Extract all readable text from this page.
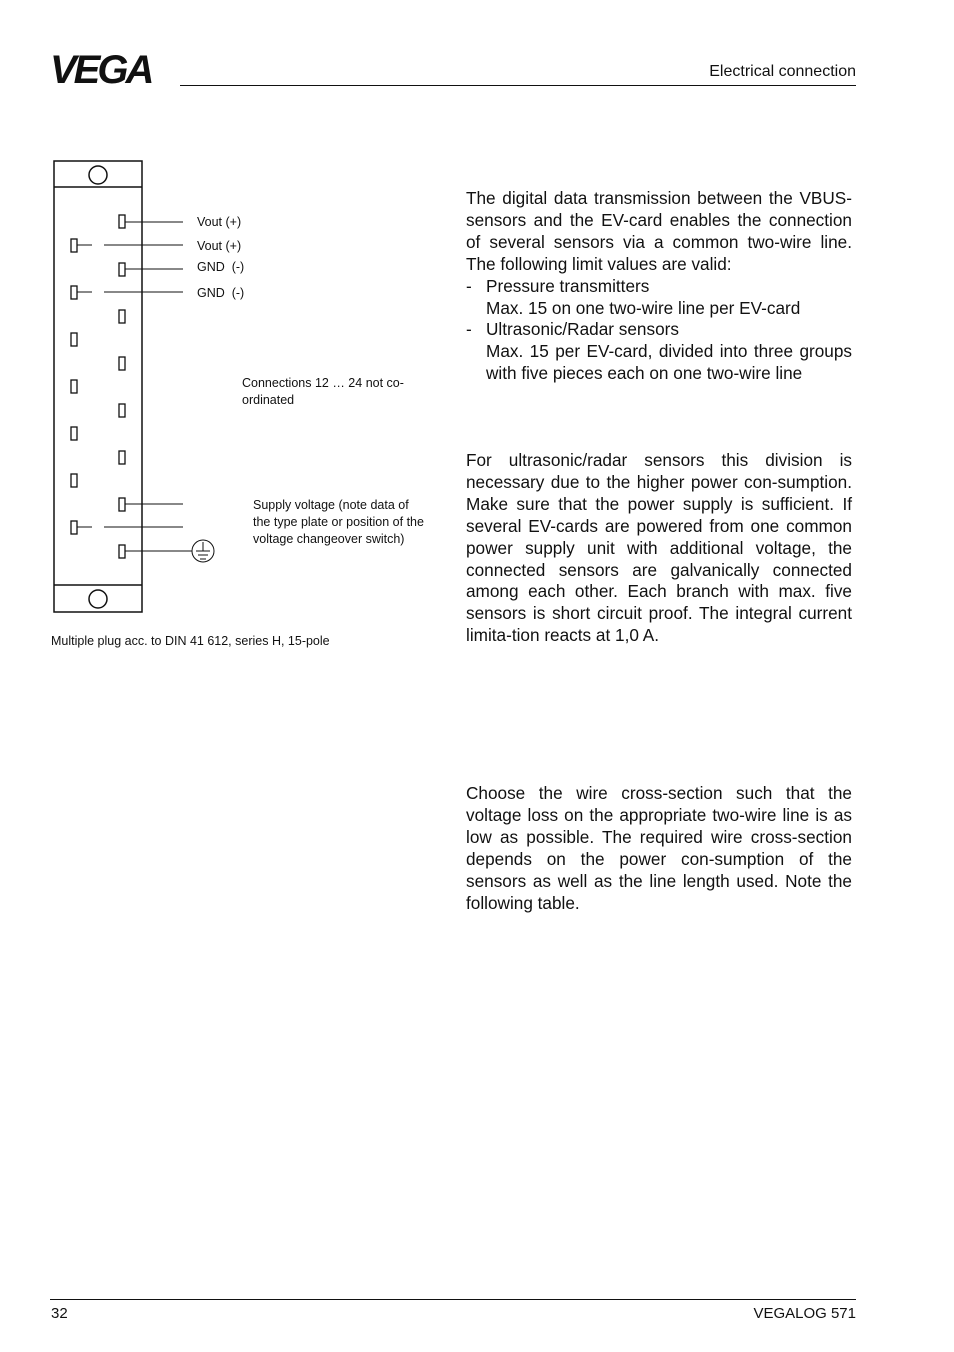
VEGA	Electrical connection
Vout (+)
Vout (+)
GND  (-)
GND  (-)
Connections 12 … 24 not co-
ordinated
Supply voltage (note data of
the type plate or position of the
voltage changeover switch)
Multiple plug acc. to DIN 41 612, series H, 15-pole

The digital data transmission between the VBUS-sensors and the EV-card enables the connection of several sensors via a common two-wire line. The following limit values are valid:

- Pressure transmitters
Max. 15 on one two-wire line per EV-card
- Ultrasonic/Radar sensors
Max. 15 per EV-card, divided into three groups with five pieces each on one two-wire line

For ultrasonic/radar sensors this division is necessary due to the higher power con-sumption. Make sure that the power supply is sufficient. If several EV-cards are powered from one common power supply unit with additional voltage, the connected sensors are galvanically connected among each other. Each branch with max. five sensors is short circuit proof. The integral current limita-tion reacts at 1,0 A.

Choose the wire cross-section such that the voltage loss on the appropriate two-wire line is as low as possible. The required wire cross-section depends on the power con-sumption of the sensors as well as the line length used. Note the following table.

32	VEGALOG 571
